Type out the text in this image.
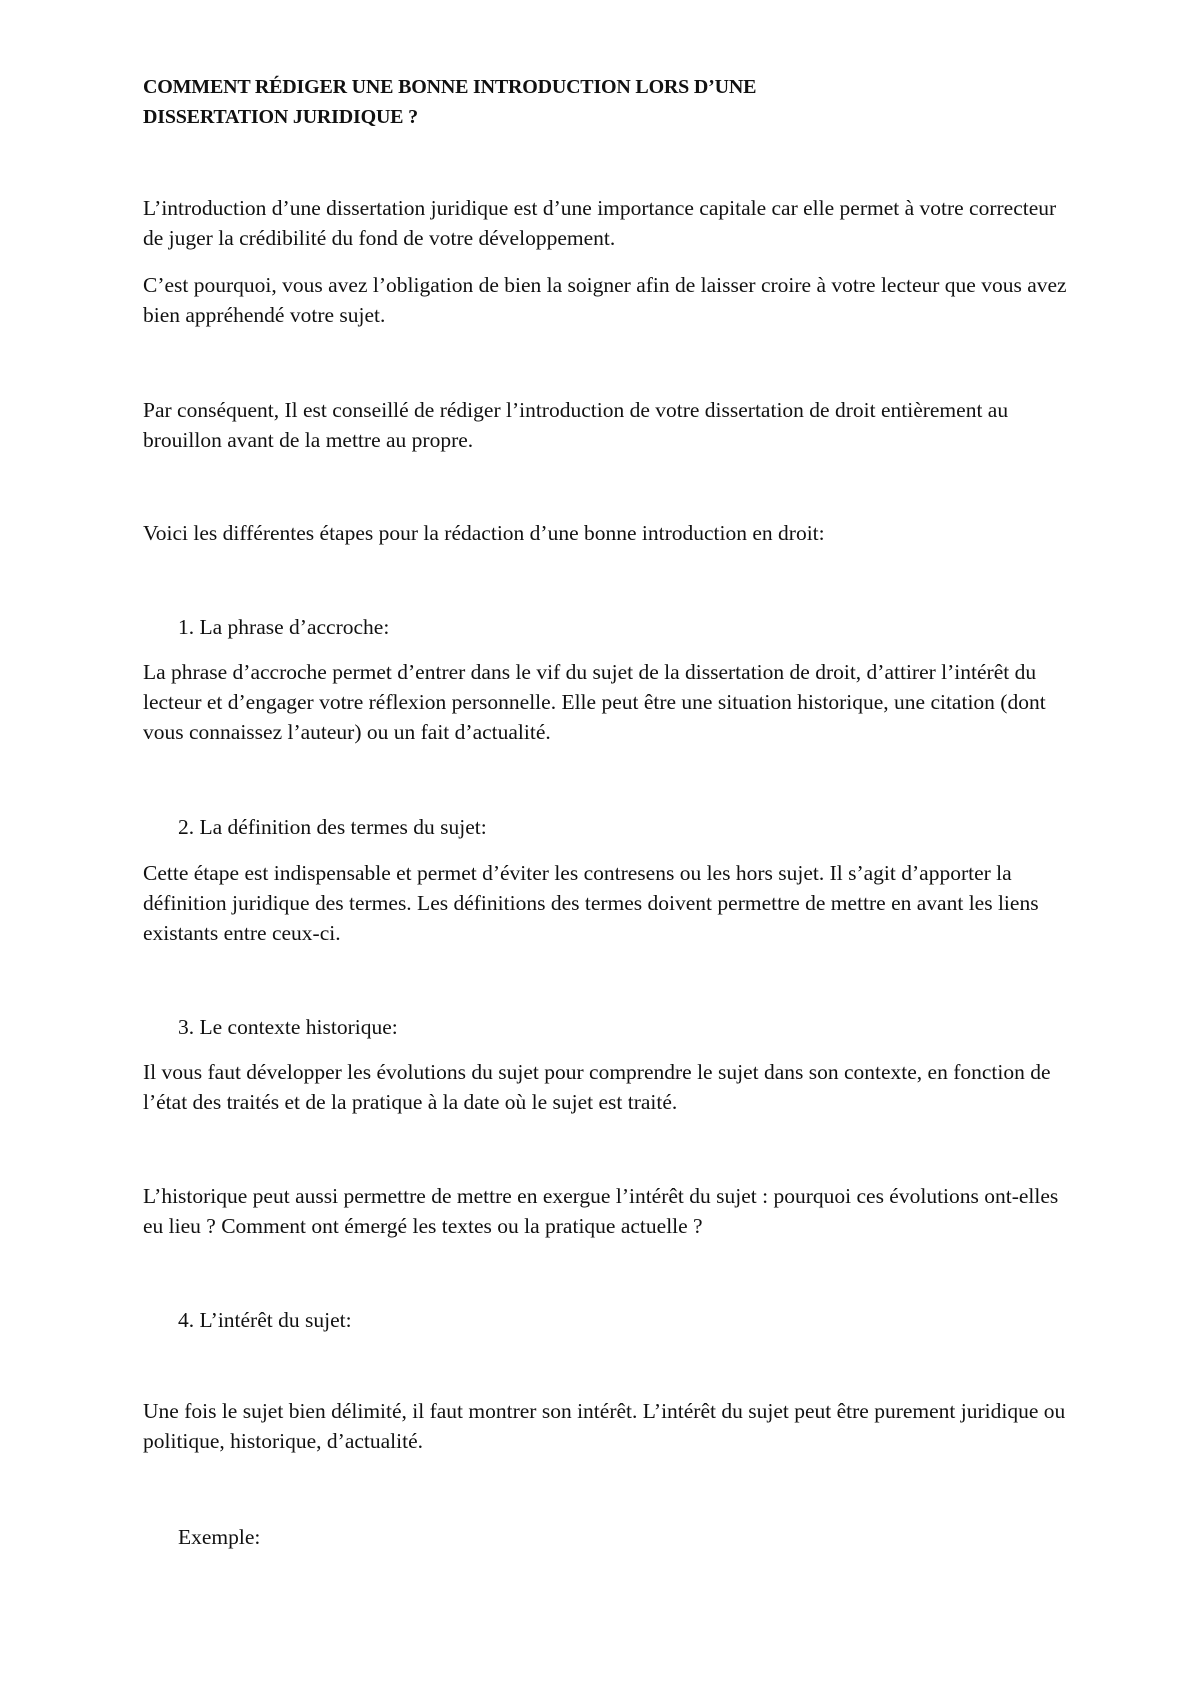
COMMENT RÉDIGER UNE BONNE INTRODUCTION LORS D’UNE
DISSERTATION JURIDIQUE ?

L’introduction d’une dissertation juridique est d’une importance capitale car elle permet à votre correcteur de juger la crédibilité du fond de votre développement.

C’est pourquoi, vous avez l’obligation de bien la soigner afin de laisser croire à votre lecteur que vous avez bien appréhendé votre sujet.

Par conséquent, Il est conseillé de rédiger l’introduction de votre dissertation de droit entièrement au brouillon avant de la mettre au propre.

Voici les différentes étapes pour la rédaction d’une bonne introduction en droit:

1. La phrase d’accroche:

La phrase d’accroche permet d’entrer dans le vif du sujet de la dissertation de droit, d’attirer l’intérêt du lecteur et d’engager votre réflexion personnelle. Elle peut être une situation historique, une citation (dont vous connaissez l’auteur) ou un fait d’actualité.

2. La définition des termes du sujet:

Cette étape est indispensable et permet d’éviter les contresens ou les hors sujet. Il s’agit d’apporter la définition juridique des termes. Les définitions des termes doivent permettre de mettre en avant les liens existants entre ceux-ci.

3. Le contexte historique:

Il vous faut développer les évolutions du sujet pour comprendre le sujet dans son contexte, en fonction de l’état des traités et de la pratique à la date où le sujet est traité.

L’historique peut aussi permettre de mettre en exergue l’intérêt du sujet : pourquoi ces évolutions ont-elles eu lieu ? Comment ont émergé les textes ou la pratique actuelle ?

4. L’intérêt du sujet:

Une fois le sujet bien délimité, il faut montrer son intérêt. L’intérêt du sujet peut être purement juridique ou politique, historique, d’actualité.

Exemple:
